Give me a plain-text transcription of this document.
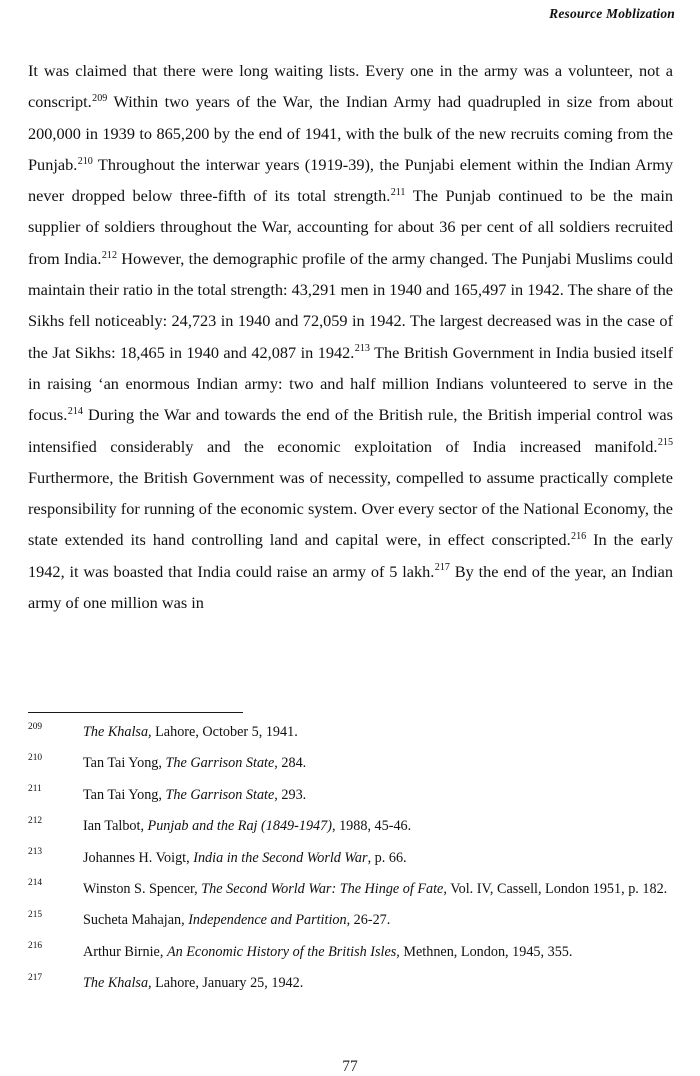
Resource Moblization

It was claimed that there were long waiting lists. Every one in the army was a volunteer, not a conscript.$^{209}$ Within two years of the War, the Indian Army had quadrupled in size from about 200,000 in 1939 to 865,200 by the end of 1941, with the bulk of the new recruits coming from the Punjab.$^{210}$ Throughout the interwar years (1919-39), the Punjabi element within the Indian Army never dropped below three-fifth of its total strength.$^{211}$ The Punjab continued to be the main supplier of soldiers throughout the War, accounting for about 36 per cent of all soldiers recruited from India.$^{212}$ However, the demographic profile of the army changed. The Punjabi Muslims could maintain their ratio in the total strength: 43,291 men in 1940 and 165,497 in 1942. The share of the Sikhs fell noticeably: 24,723 in 1940 and 72,059 in 1942. The largest decreased was in the case of the Jat Sikhs: 18,465 in 1940 and 42,087 in 1942.$^{213}$ The British Government in India busied itself in raising ‘an enormous Indian army: two and half million Indians volunteered to serve in the focus.$^{214}$ During the War and towards the end of the British rule, the British imperial control was intensified considerably and the economic exploitation of India increased manifold.$^{215}$ Furthermore, the British Government was of necessity, compelled to assume practically complete responsibility for running of the economic system. Over every sector of the National Economy, the state extended its hand controlling land and capital were, in effect conscripted.$^{216}$ In the early 1942, it was boasted that India could raise an army of 5 lakh.$^{217}$ By the end of the year, an Indian army of one million was in

209	The Khalsa, Lahore, October 5, 1941.
210	Tan Tai Yong, The Garrison State, 284.
211	Tan Tai Yong, The Garrison State, 293.
212	Ian Talbot, Punjab and the Raj (1849-1947), 1988, 45-46.
213	Johannes H. Voigt, India in the Second World War, p. 66.
214	Winston S. Spencer, The Second World War: The Hinge of Fate, Vol. IV, Cassell, London 1951, p. 182.
215	Sucheta Mahajan, Independence and Partition, 26-27.
216	Arthur Birnie, An Economic History of the British Isles, Methnen, London, 1945, 355.
217	The Khalsa, Lahore, January 25, 1942.
77
